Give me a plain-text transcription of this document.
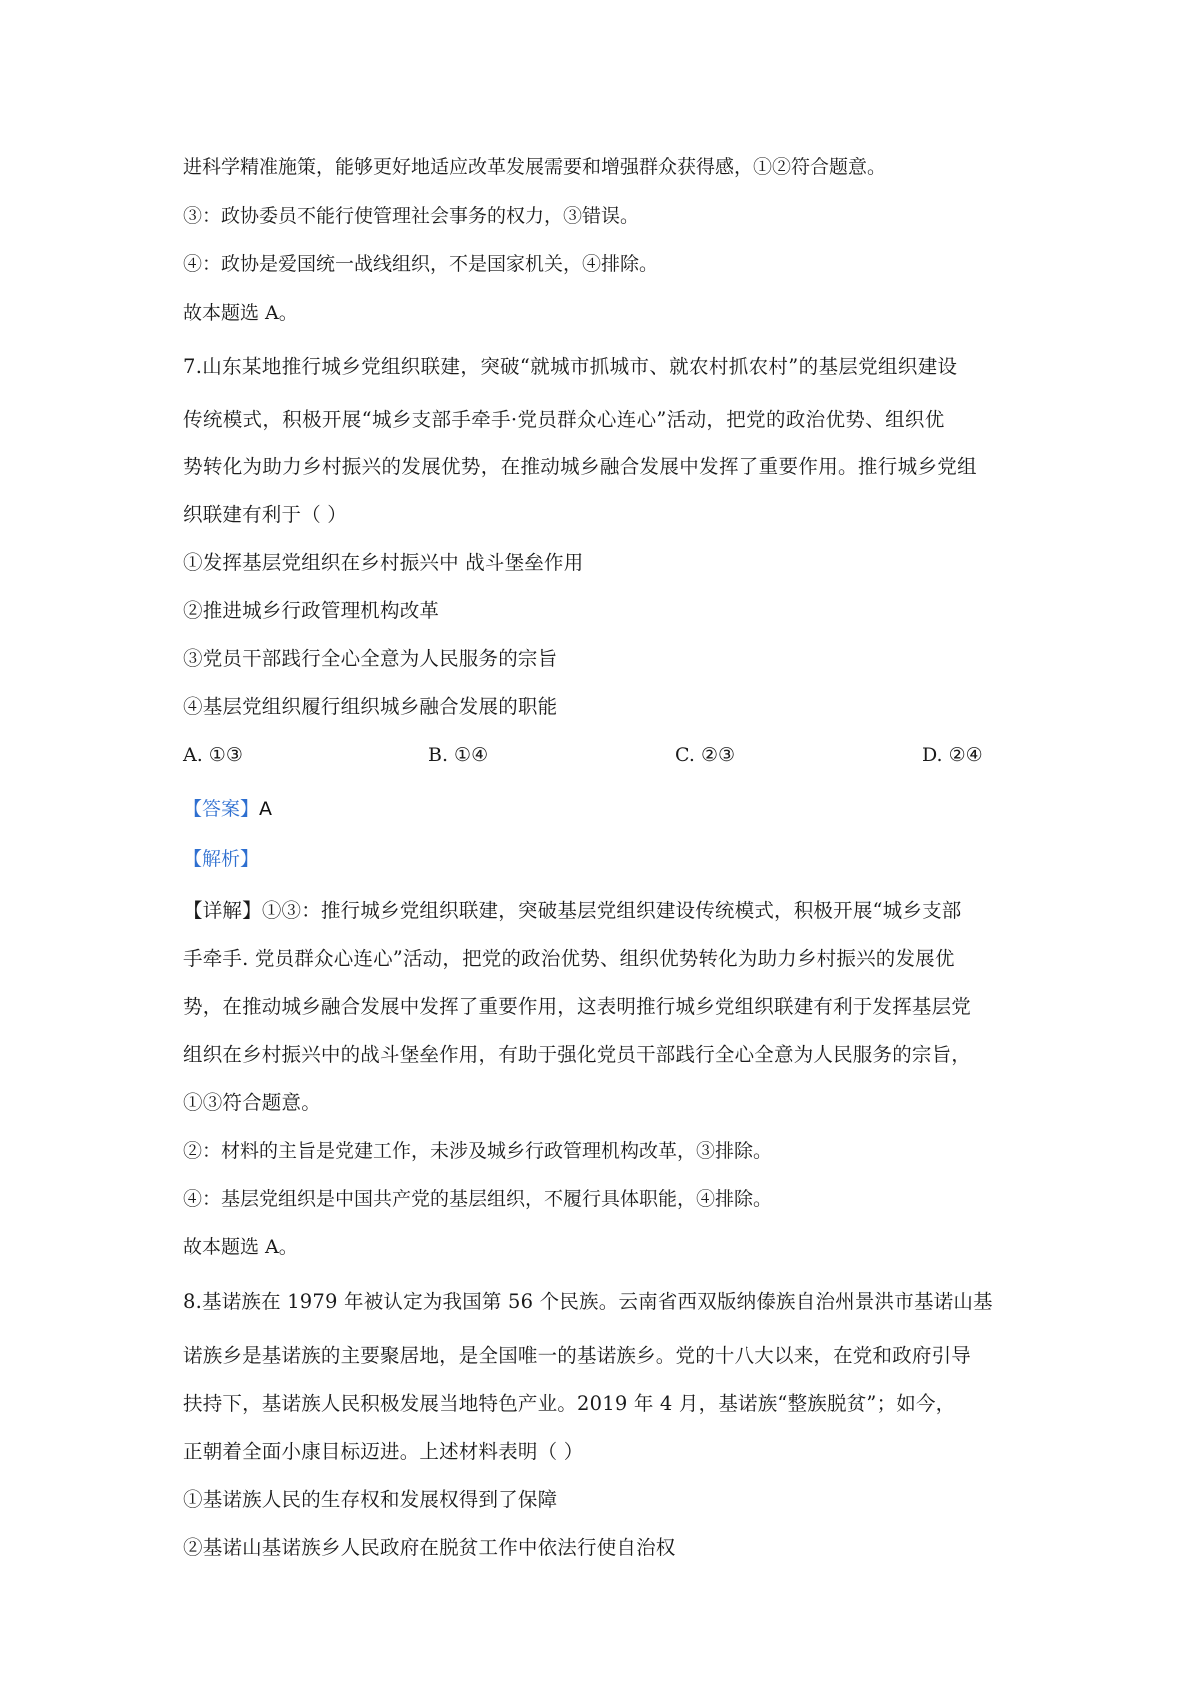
进科学精准施策，能够更好地适应改革发展需要和增强群众获得感，①②符合题意。
③：政协委员不能行使管理社会事务的权力，③错误。
④：政协是爱国统一战线组织，不是国家机关，④排除。
故本题选 A。
7.山东某地推行城乡党组织联建，突破“就城市抓城市、就农村抓农村”的基层党组织建设
传统模式，积极开展“城乡支部手牵手·党员群众心连心”活动，把党的政治优势、组织优
势转化为助力乡村振兴的发展优势，在推动城乡融合发展中发挥了重要作用。推行城乡党组
织联建有利于（ ）
①发挥基层党组织在乡村振兴中 战斗堡垒作用
②推进城乡行政管理机构改革
③党员干部践行全心全意为人民服务的宗旨
④基层党组织履行组织城乡融合发展的职能
A. ①③	B. ①④	C. ②③	D. ②④
【答案】A
【解析】
【详解】①③：推行城乡党组织联建，突破基层党组织建设传统模式，积极开展“城乡支部
手牵手. 党员群众心连心”活动，把党的政治优势、组织优势转化为助力乡村振兴的发展优
势，在推动城乡融合发展中发挥了重要作用，这表明推行城乡党组织联建有利于发挥基层党
组织在乡村振兴中的战斗堡垒作用，有助于强化党员干部践行全心全意为人民服务的宗旨，
①③符合题意。
②：材料的主旨是党建工作，未涉及城乡行政管理机构改革，③排除。
④：基层党组织是中国共产党的基层组织，不履行具体职能，④排除。
故本题选 A。
8.基诺族在 1979 年被认定为我国第 56 个民族。云南省西双版纳傣族自治州景洪市基诺山基
诺族乡是基诺族的主要聚居地，是全国唯一的基诺族乡。党的十八大以来，在党和政府引导
扶持下，基诺族人民积极发展当地特色产业。2019 年 4 月，基诺族“整族脱贫”；如今，
正朝着全面小康目标迈进。上述材料表明（ ）
①基诺族人民的生存权和发展权得到了保障
②基诺山基诺族乡人民政府在脱贫工作中依法行使自治权
